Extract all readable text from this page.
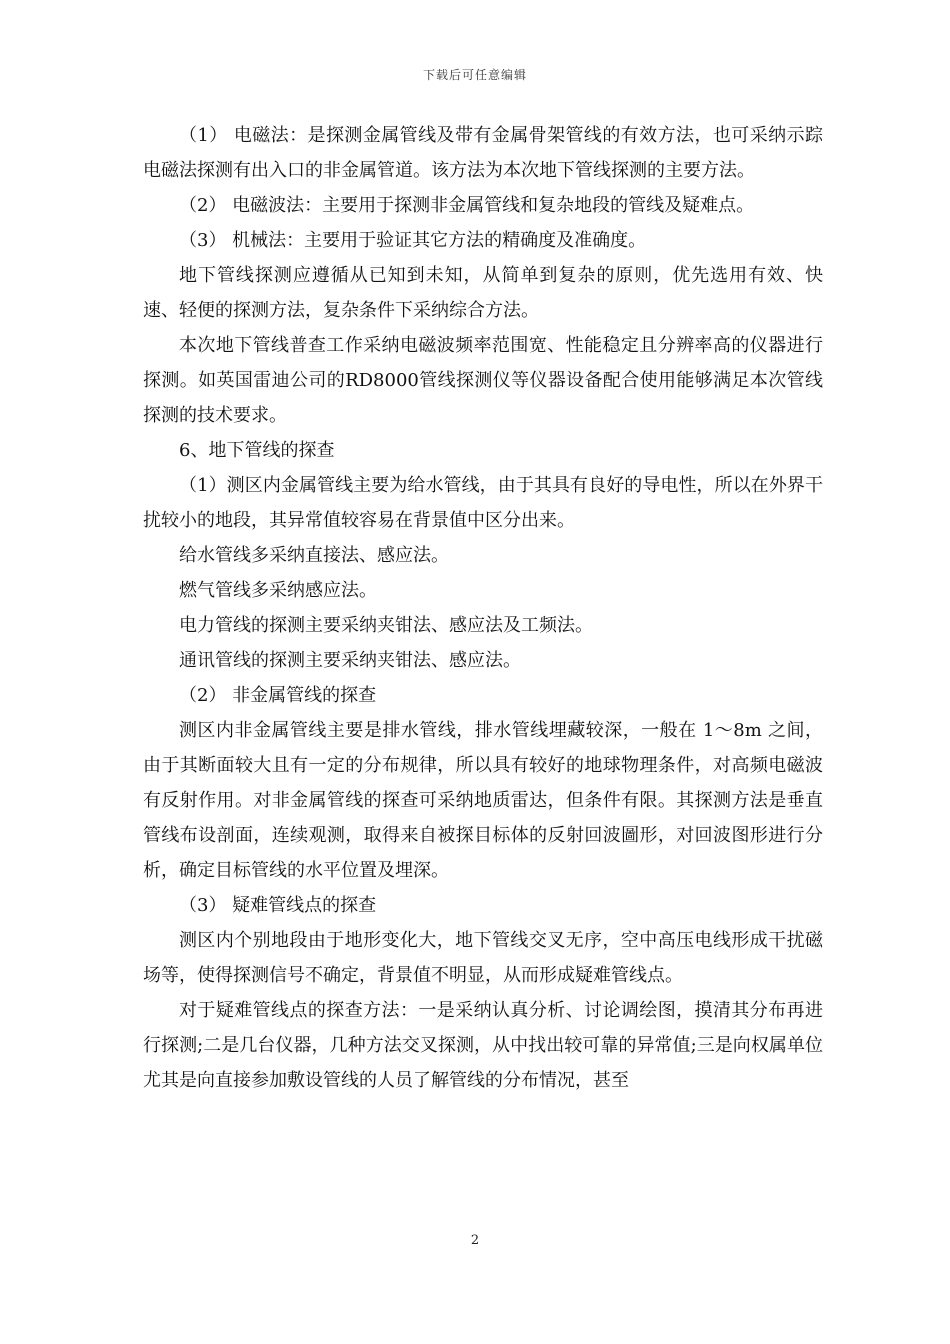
下载后可任意编辑

（1） 电磁法：是探测金属管线及带有金属骨架管线的有效方法，也可采纳示踪电磁法探测有出入口的非金属管道。该方法为本次地下管线探测的主要方法。

（2） 电磁波法：主要用于探测非金属管线和复杂地段的管线及疑难点。

（3） 机械法：主要用于验证其它方法的精确度及准确度。

地下管线探测应遵循从已知到未知，从简单到复杂的原则，优先选用有效、快速、轻便的探测方法，复杂条件下采纳综合方法。

本次地下管线普查工作采纳电磁波频率范围宽、性能稳定且分辨率高的仪器进行探测。如英国雷迪公司的RD8000管线探测仪等仪器设备配合使用能够满足本次管线探测的技术要求。

6、地下管线的探查

（1）测区内金属管线主要为给水管线，由于其具有良好的导电性，所以在外界干扰较小的地段，其异常值较容易在背景值中区分出来。

给水管线多采纳直接法、感应法。

燃气管线多采纳感应法。

电力管线的探测主要采纳夹钳法、感应法及工频法。

通讯管线的探测主要采纳夹钳法、感应法。

（2） 非金属管线的探查

测区内非金属管线主要是排水管线，排水管线埋藏较深，一般在 1～8m 之间，由于其断面较大且有一定的分布规律，所以具有较好的地球物理条件，对高频电磁波有反射作用。对非金属管线的探查可采纳地质雷达，但条件有限。其探测方法是垂直管线布设剖面，连续观测，取得来自被探目标体的反射回波圖形，对回波图形进行分析，确定目标管线的水平位置及埋深。

（3） 疑难管线点的探查

测区内个别地段由于地形变化大，地下管线交叉无序，空中高压电线形成干扰磁场等，使得探测信号不确定，背景值不明显，从而形成疑难管线点。

对于疑难管线点的探查方法：一是采纳认真分析、讨论调绘图，摸清其分布再进行探测;二是几台仪器，几种方法交叉探测，从中找出较可靠的异常值;三是向权属单位尤其是向直接参加敷设管线的人员了解管线的分布情况，甚至

2
